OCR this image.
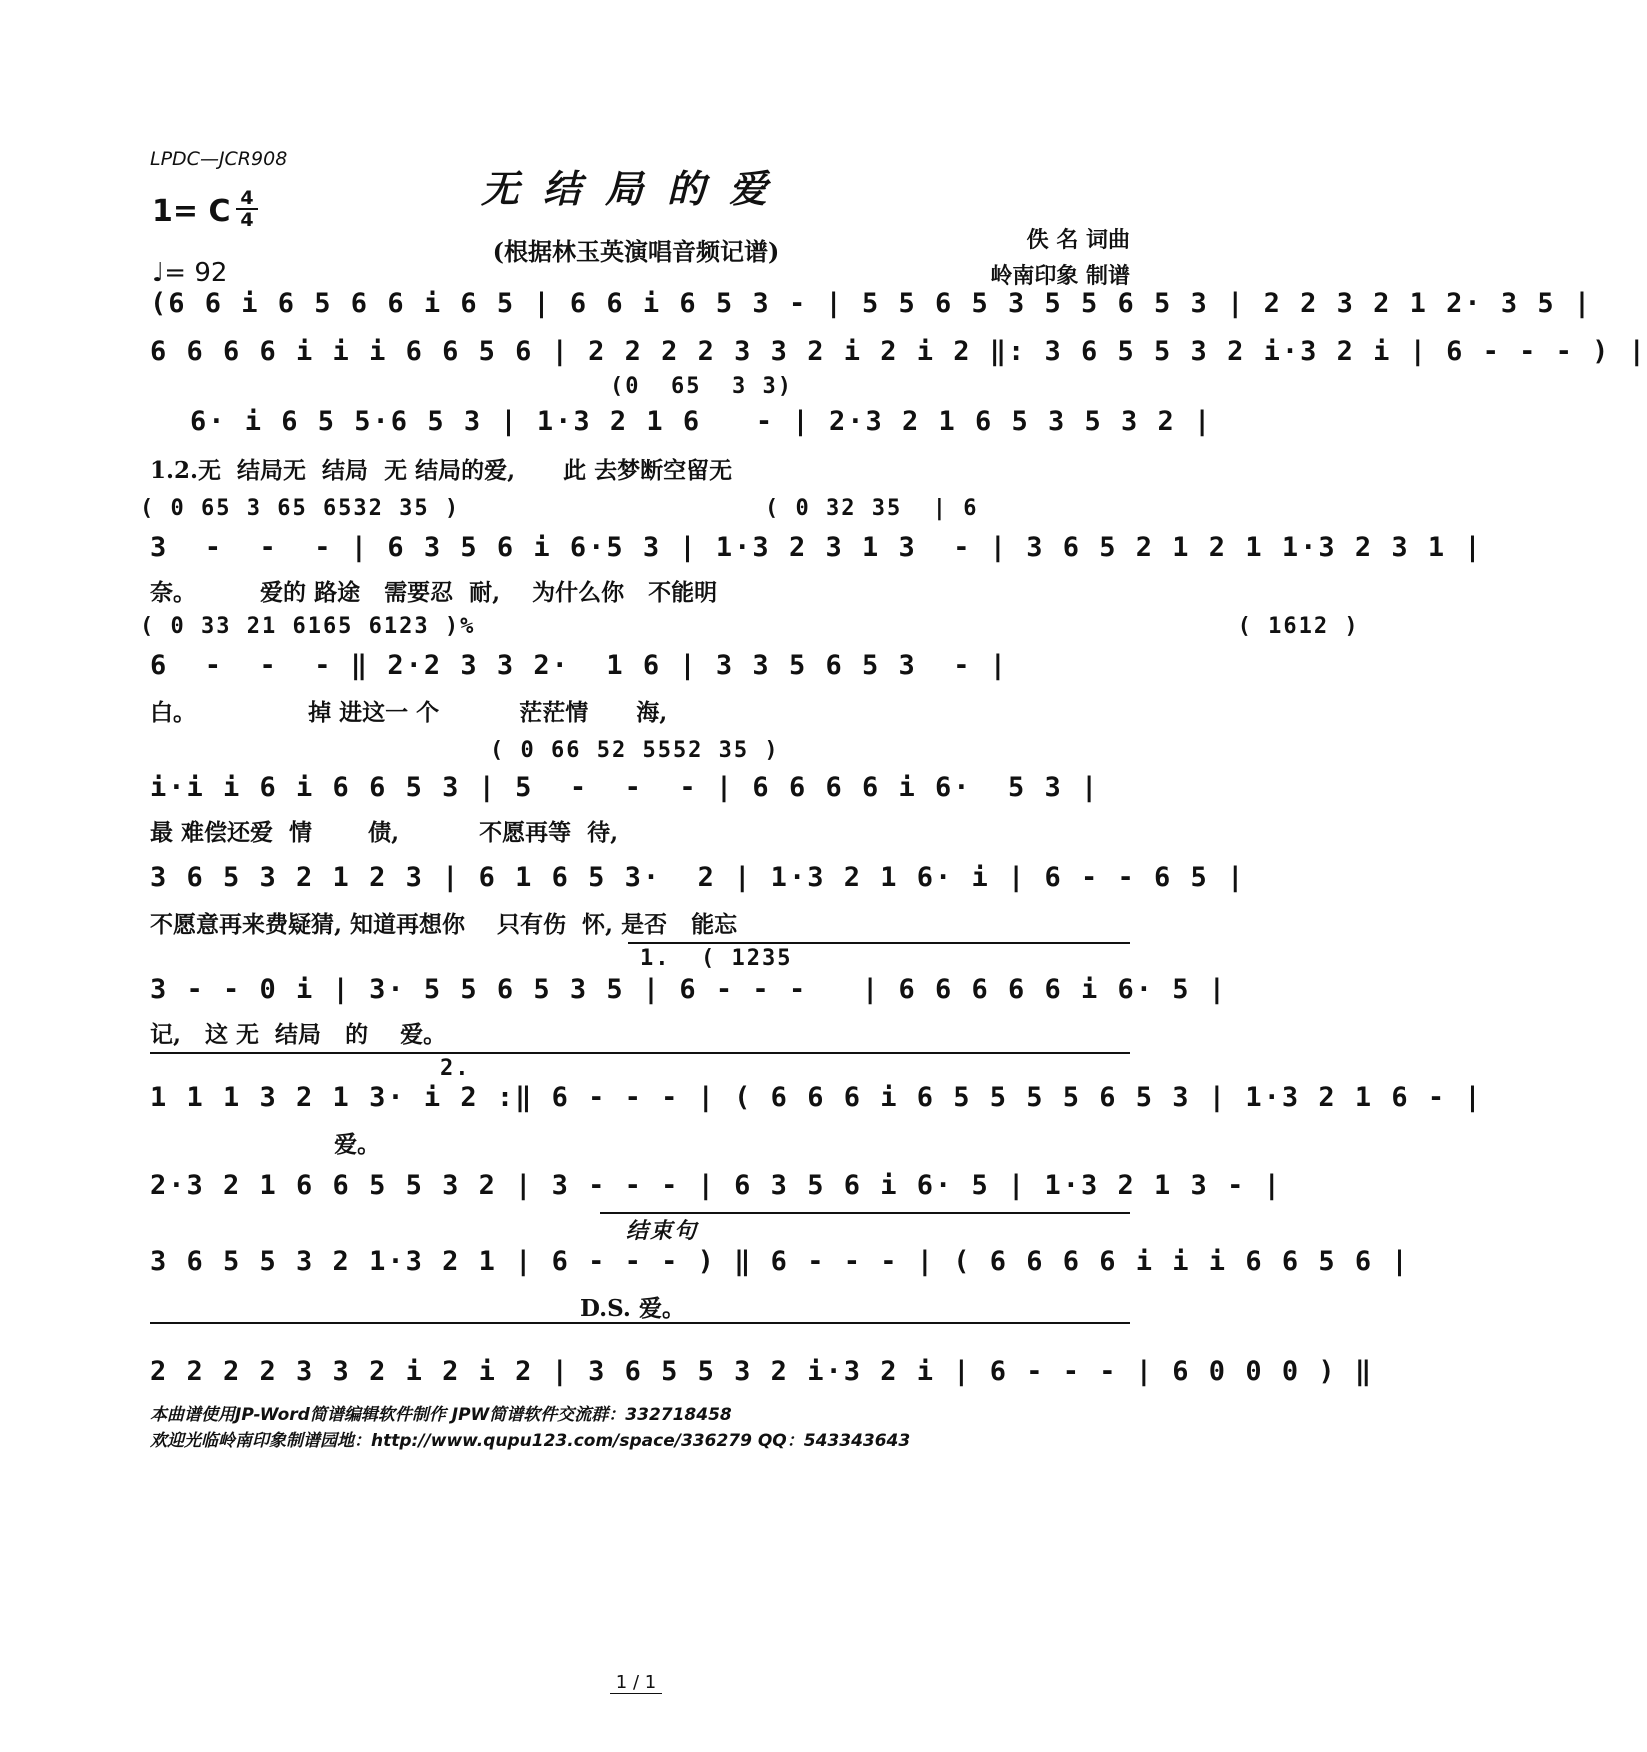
LPDC—JCR908
无结局的爱
(根据林玉英演唱音频记谱)
1= C 4
4
♩= 92
佚 名 词曲
岭南印象 制谱
(6 6 i 6 5 6 6 i 6 5 | 6 6 i 6 5 3 - | 5 5 6 5 3 5 5 6 5 3 | 2 2 3 2 1 2· 3 5 |
6 6 6 6 i i i 6 6 5 6 | 2 2 2 2 3 3 2 i 2 i 2 ‖: 3 6 5 5 3 2 i·3 2 i | 6 - - - ) |
(0  65  3 3)
6· i 6 5 5·6 5 3 | 1·3 2 1 6   - | 2·3 2 1 6 5 3 5 3 2 |
1.2.无  结局无  结局  无 结局的爱,      此 去梦断空留无
( 0 65 3 65 6532 35 )                    ( 0 32 35  | 6
3  -  -  - | 6 3 5 6 i 6·5 3 | 1·3 2 3 1 3  - | 3 6 5 2 1 2 1 1·3 2 3 1 |
奈。        爱的 路途   需要忍  耐,    为什么你   不能明
( 0 33 21 6165 6123 )%                                                  ( 1612 )
6  -  -  - ‖ 2·2 3 3 2·  1 6 | 3 3 5 6 5 3  - |
白。              掉 进这一 个          茫茫情      海,
( 0 66 52 5552 35 )
i·i i 6 i 6 6 5 3 | 5  -  -  - | 6 6 6 6 i 6·  5 3 |
最 难偿还爱  情       债,          不愿再等  待,
3 6 5 3 2 1 2 3 | 6 1 6 5 3·  2 | 1·3 2 1 6· i | 6 - - 6 5 |
不愿意再来费疑猜, 知道再想你    只有伤  怀, 是否   能忘
1.  ( 1235
3 - - 0 i | 3· 5 5 6 5 3 5 | 6 - - -   | 6 6 6 6 6 i 6· 5 |
记,   这 无  结局   的    爱。
2.
1 1 1 3 2 1 3· i 2 :‖ 6 - - - | ( 6 6 6 i 6 5 5 5 5 6 5 3 | 1·3 2 1 6 - |
爱。
2·3 2 1 6 6 5 5 3 2 | 3 - - - | 6 3 5 6 i 6· 5 | 1·3 2 1 3 - |
结束句
3 6 5 5 3 2 1·3 2 1 | 6 - - - ) ‖ 6 - - - | ( 6 6 6 6 i i i 6 6 5 6 |
D.S. 爱。
2 2 2 2 3 3 2 i 2 i 2 | 3 6 5 5 3 2 i·3 2 i | 6 - - - | 6 0 0 0 ) ‖
本曲谱使用JP-Word简谱编辑软件制作 JPW简谱软件交流群：332718458
欢迎光临岭南印象制谱园地：http://www.qupu123.com/space/336279 QQ：543343643
1 / 1
